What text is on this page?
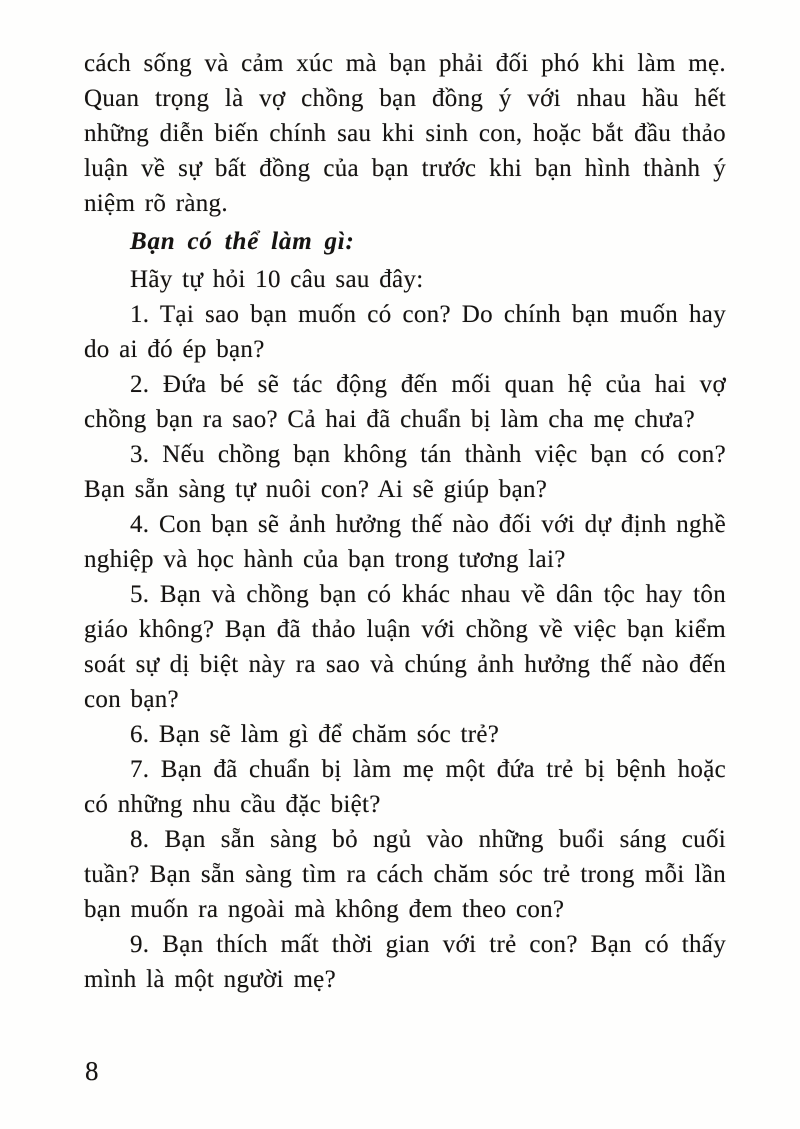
cách sống và cảm xúc mà bạn phải đối phó khi làm mẹ. Quan trọng là vợ chồng bạn đồng ý với nhau hầu hết những diễn biến chính sau khi sinh con, hoặc bắt đầu thảo luận về sự bất đồng của bạn trước khi bạn hình thành ý niệm rõ ràng.

Bạn có thể làm gì:

Hãy tự hỏi 10 câu sau đây:

1. Tại sao bạn muốn có con? Do chính bạn muốn hay do ai đó ép bạn?

2. Đứa bé sẽ tác động đến mối quan hệ của hai vợ chồng bạn ra sao? Cả hai đã chuẩn bị làm cha mẹ chưa?

3. Nếu chồng bạn không tán thành việc bạn có con? Bạn sẵn sàng tự nuôi con? Ai sẽ giúp bạn?

4. Con bạn sẽ ảnh hưởng thế nào đối với dự định nghề nghiệp và học hành của bạn trong tương lai?

5. Bạn và chồng bạn có khác nhau về dân tộc hay tôn giáo không? Bạn đã thảo luận với chồng về việc bạn kiểm soát sự dị biệt này ra sao và chúng ảnh hưởng thế nào đến con bạn?

6. Bạn sẽ làm gì để chăm sóc trẻ?

7. Bạn đã chuẩn bị làm mẹ một đứa trẻ bị bệnh hoặc có những nhu cầu đặc biệt?

8. Bạn sẵn sàng bỏ ngủ vào những buổi sáng cuối tuần? Bạn sẵn sàng tìm ra cách chăm sóc trẻ trong mỗi lần bạn muốn ra ngoài mà không đem theo con?

9. Bạn thích mất thời gian với trẻ con? Bạn có thấy mình là một người mẹ?

8
